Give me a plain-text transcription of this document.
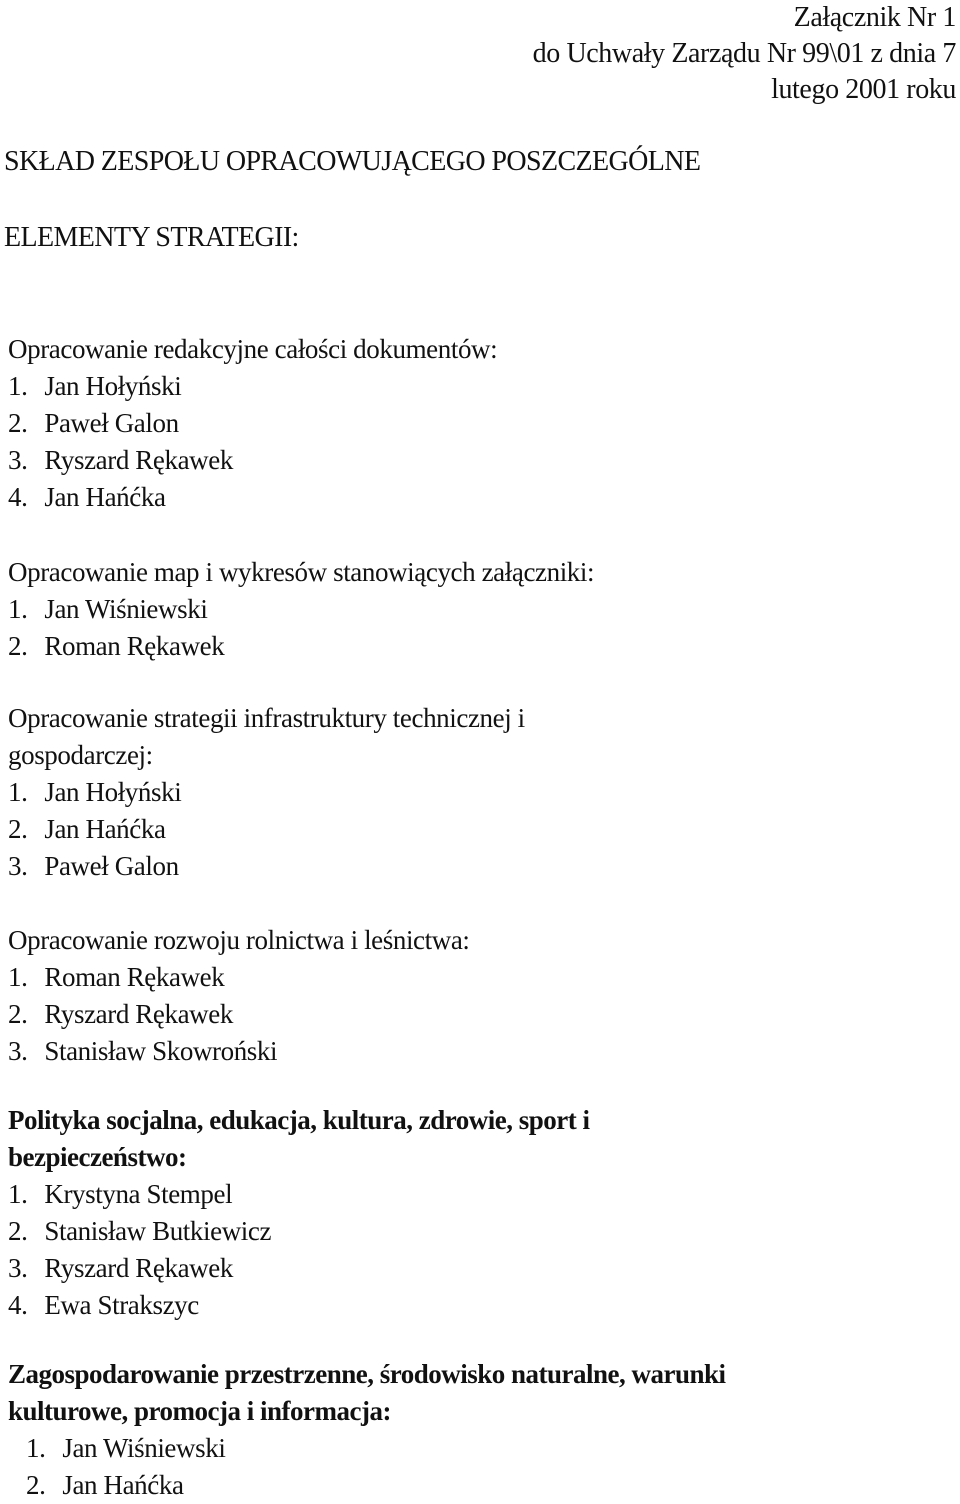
Załącznik Nr 1
do Uchwały Zarządu Nr 99\01 z dnia 7
lutego 2001 roku
SKŁAD ZESPOŁU OPRACOWUJĄCEGO POSZCZEGÓLNE
ELEMENTY STRATEGII:
Opracowanie redakcyjne całości dokumentów:
1. Jan Hołyński
2. Paweł Galon
3. Ryszard Rękawek
4. Jan Hańćka
Opracowanie map i wykresów stanowiących załączniki:
1. Jan Wiśniewski
2. Roman Rękawek
Opracowanie strategii infrastruktury technicznej i
gospodarczej:
1. Jan Hołyński
2. Jan Hańćka
3. Paweł Galon
Opracowanie rozwoju rolnictwa i leśnictwa:
1. Roman Rękawek
2. Ryszard Rękawek
3. Stanisław Skowroński
Polityka socjalna, edukacja, kultura, zdrowie, sport i
bezpieczeństwo:
1. Krystyna Stempel
2. Stanisław Butkiewicz
3. Ryszard Rękawek
4. Ewa Strakszyc
Zagospodarowanie przestrzenne, środowisko naturalne, warunki
kulturowe, promocja i informacja:
1. Jan Wiśniewski
2. Jan Hańćka
